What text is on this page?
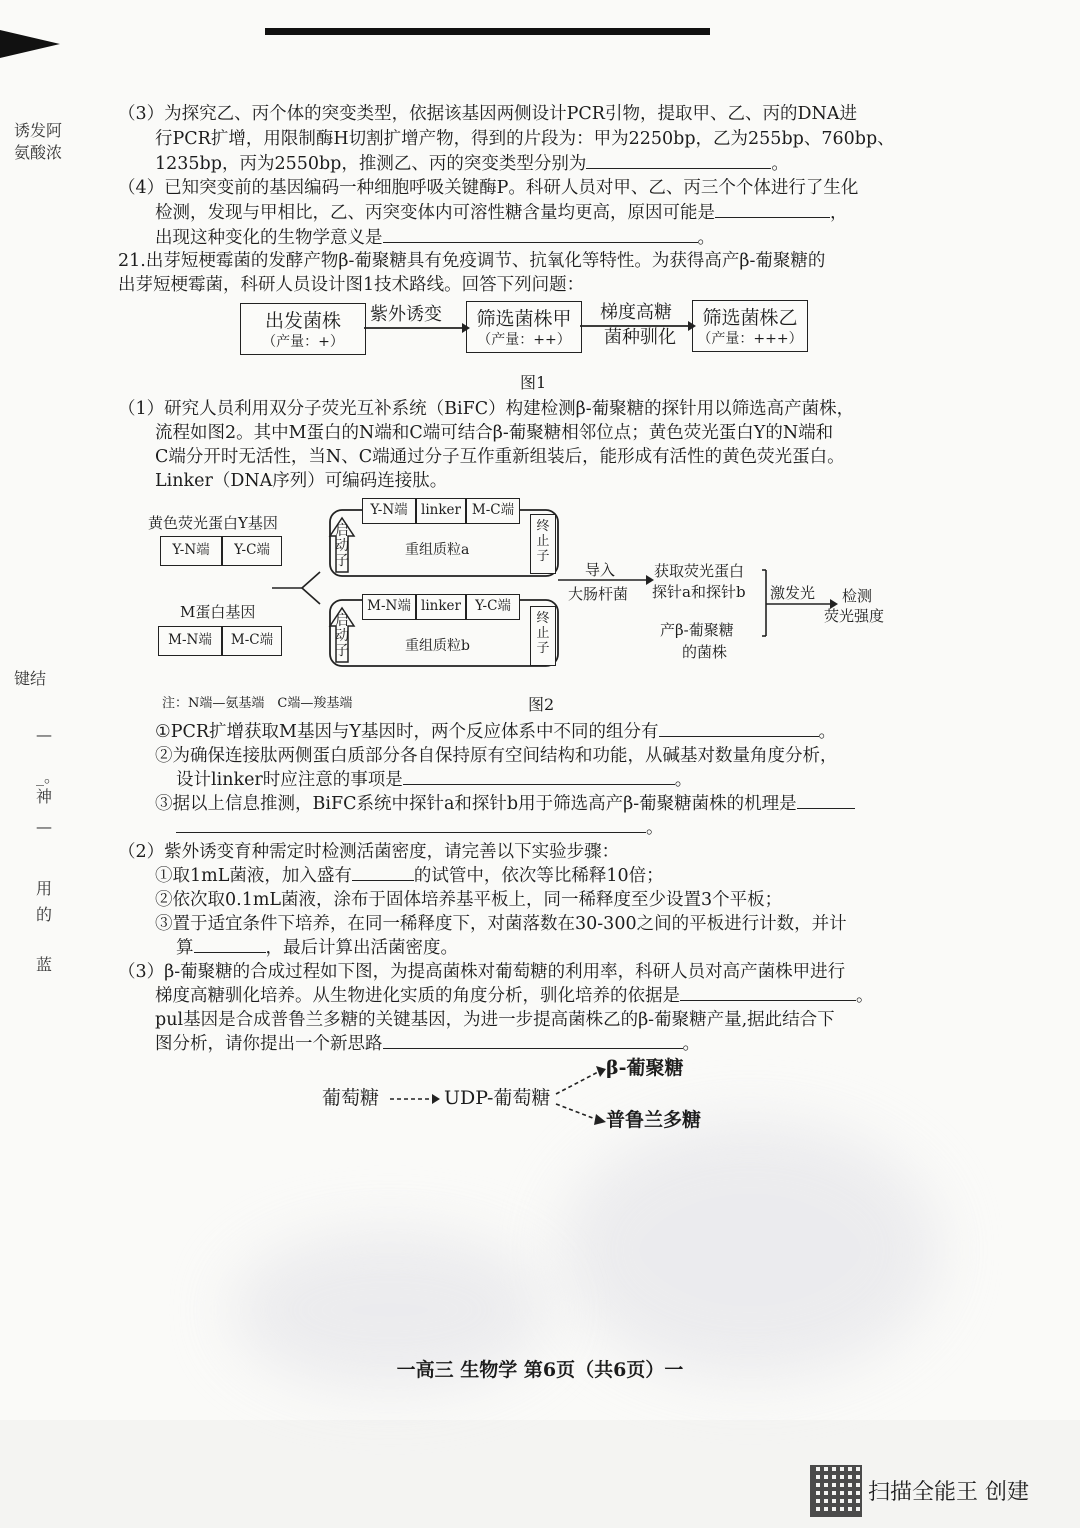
诱发阿
氨酸浓
键结
—
_。
神
—
用
的
蓝
（3）为探究乙、丙个体的突变类型，依据该基因两侧设计PCR引物，提取甲、乙、丙的DNA进
行PCR扩增，用限制酶H切割扩增产物，得到的片段为：甲为2250bp，乙为255bp、760bp、
1235bp，丙为2550bp，推测乙、丙的突变类型分别为	。
（4）已知突变前的基因编码一种细胞呼吸关键酶P。科研人员对甲、乙、丙三个个体进行了生化
检测，发现与甲相比，乙、丙突变体内可溶性糖含量均更高，原因可能是	，
出现这种变化的生物学意义是	。
21.出芽短梗霉菌的发酵产物β-葡聚糖具有免疫调节、抗氧化等特性。为获得高产β-葡聚糖的
出芽短梗霉菌，科研人员设计图1技术路线。回答下列问题：
出发菌株
（产量：+）
紫外诱变	筛选菌株甲
（产量：++）
梯度高糖
菌种驯化
筛选菌株乙
（产量：+++）
图1
（1）研究人员利用双分子荧光互补系统（BiFC）构建检测β-葡聚糖的探针用以筛选高产菌株，
流程如图2。其中M蛋白的N端和C端可结合β-葡聚糖相邻位点；黄色荧光蛋白Y的N端和
C端分开时无活性，当N、C端通过分子互作重新组装后，能形成有活性的黄色荧光蛋白。
Linker（DNA序列）可编码连接肽。
黄色荧光蛋白Y基因
Y-N端	Y-C端
M蛋白基因
M-N端	M-C端
启动子
启动子
Y-N端 linker M-C端
重组质粒a
M-N端 linker	Y-C端
重组质粒b
终止子
终止子
导入
大肠杆菌
获取荧光蛋白
探针a和探针b
产β-葡聚糖
的菌株
激发光 检测
荧光强度
注：N端—氨基端　C端—羧基端	图2
①PCR扩增获取M基因与Y基因时，两个反应体系中不同的组分有	。
②为确保连接肽两侧蛋白质部分各自保持原有空间结构和功能，从碱基对数量角度分析，
设计linker时应注意的事项是	。
③据以上信息推测，BiFC系统中探针a和探针b用于筛选高产β-葡聚糖菌株的机理是
。
（2）紫外诱变育种需定时检测活菌密度，请完善以下实验步骤：
①取1mL菌液，加入盛有	的试管中，依次等比稀释10倍；
②依次取0.1mL菌液，涂布于固体培养基平板上，同一稀释度至少设置3个平板；
③置于适宜条件下培养，在同一稀释度下，对菌落数在30-300之间的平板进行计数，并计
算	，最后计算出活菌密度。
（3）β-葡聚糖的合成过程如下图，为提高菌株对葡萄糖的利用率，科研人员对高产菌株甲进行
梯度高糖驯化培养。从生物进化实质的角度分析，驯化培养的依据是	。
pul基因是合成普鲁兰多糖的关键基因，为进一步提高菌株乙的β-葡聚糖产量,据此结合下
图分析，请你提出一个新思路	。
葡萄糖	UDP-葡萄糖
β-葡聚糖
普鲁兰多糖
一高三 生物学 第6页（共6页）一
扫描全能王 创建
